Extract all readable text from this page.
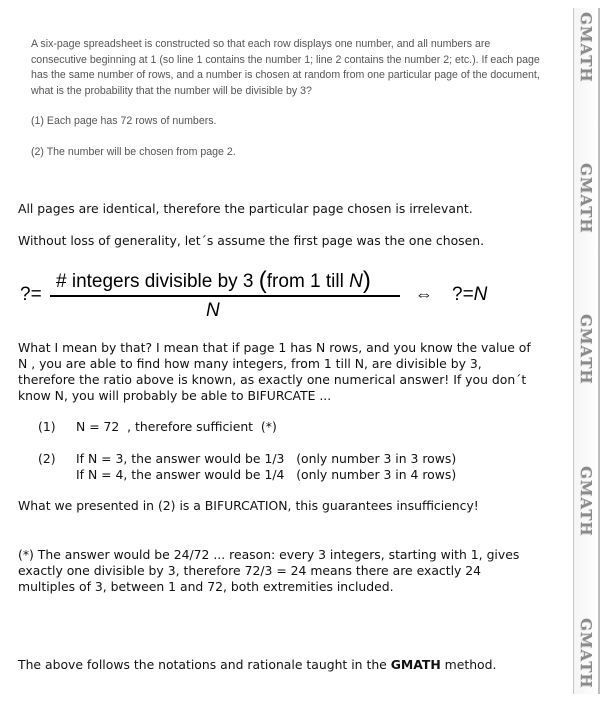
A six-page spreadsheet is constructed so that each row displays one number, and all numbers are consecutive beginning at 1 (so line 1 contains the number 1; line 2 contains the number 2; etc.). If each page has the same number of rows, and a number is chosen at random from one particular page of the document, what is the probability that the number will be divisible by 3?

(1) Each page has 72 rows of numbers.

(2) The number will be chosen from page 2.

All pages are identical, therefore the particular page chosen is irrelevant.
Without loss of generality, let´s assume the first page was the one chosen.
?=
# integers divisible by 3 (from 1 till N)
N
⇔ ?=N
What I mean by that? I mean that if page 1 has N rows, and you know the value of N , you are able to find how many integers, from 1 till N, are divisible by 3, therefore the ratio above is known, as exactly one numerical answer! If you don´t know N, you will probably be able to BIFURCATE ...
(1) N = 72  , therefore sufficient  (*)
(2) If N = 3, the answer would be 1/3   (only number 3 in 3 rows)
If N = 4, the answer would be 1/4   (only number 3 in 4 rows)
What we presented in (2) is a BIFURCATION, this guarantees insufficiency!
(*) The answer would be 24/72 ... reason: every 3 integers, starting with 1, gives exactly one divisible by 3, therefore 72/3 = 24 means there are exactly 24 multiples of 3, between 1 and 72, both extremities included.
The above follows the notations and rationale taught in the GMATH method.
GMATH
GMATH
GMATH
GMATH
GMATH
